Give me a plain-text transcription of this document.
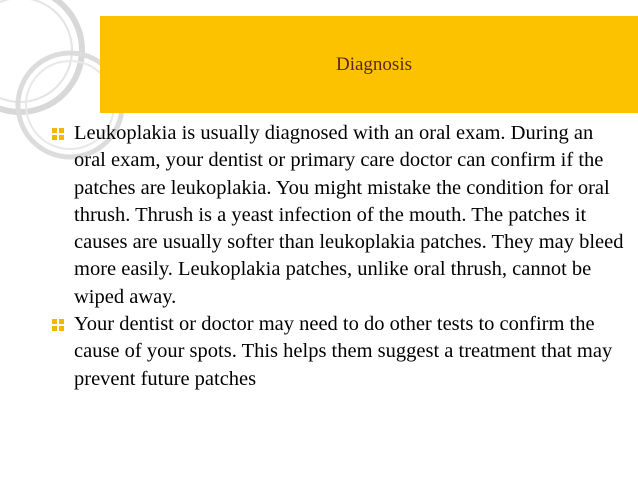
Diagnosis
Leukoplakia is usually diagnosed with an oral exam. During an oral exam, your dentist or primary care doctor can confirm if the patches are leukoplakia. You might mistake the condition for oral thrush. Thrush is a yeast infection of the mouth. The patches it causes are usually softer than leukoplakia patches. They may bleed more easily. Leukoplakia patches, unlike oral thrush, cannot be wiped away.
Your dentist or doctor may need to do other tests to confirm the cause of your spots. This helps them suggest a treatment that may prevent future patches
